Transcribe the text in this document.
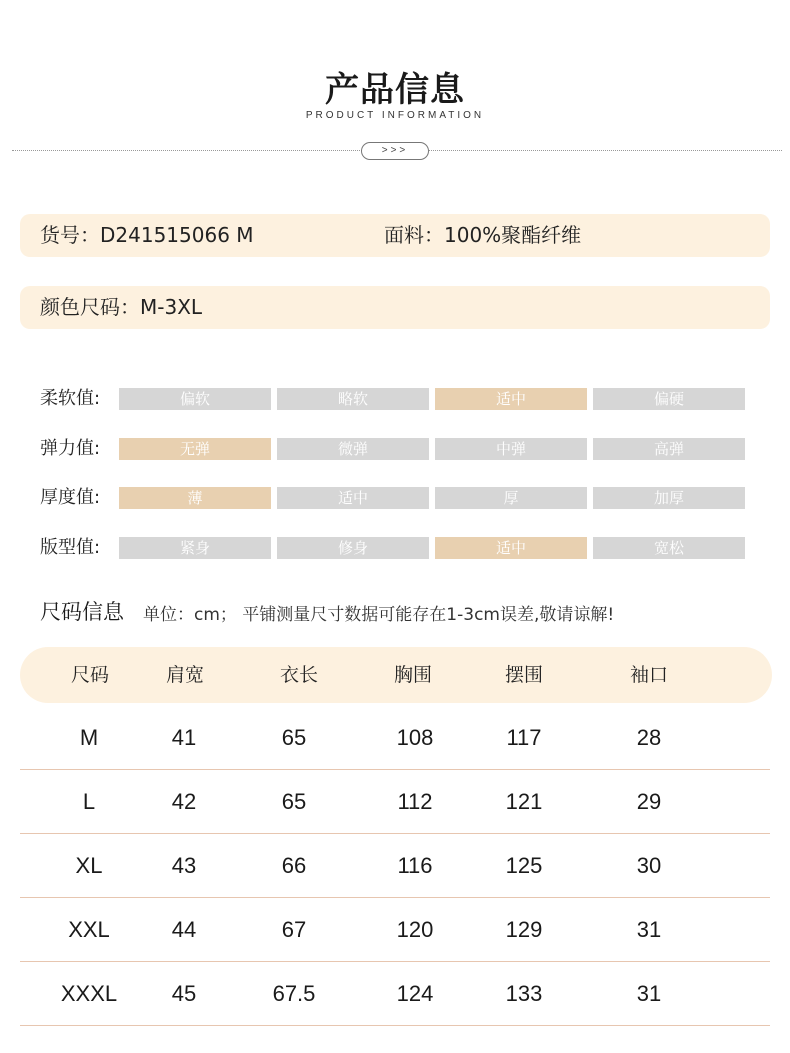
产品信息
PRODUCT INFORMATION
>>>
货号：D241515066 M	面料：100%聚酯纤维
颜色尺码：M-3XL
柔软值:	偏软	略软	适中	偏硬
弹力值:	无弹	微弹	中弹	高弹
厚度值:	薄	适中	厚	加厚
版型值:	紧身	修身	适中	宽松
尺码信息 单位：cm； 平铺测量尺寸数据可能存在1-3cm误差,敬请谅解!
尺码	肩宽	衣长	胸围	摆围	袖口
M	41	65	108	117	28
L	42	65	112	121	29
XL	43	66	116	125	30
XXL	44	67	120	129	31
XXXL	45	67.5	124	133	31
